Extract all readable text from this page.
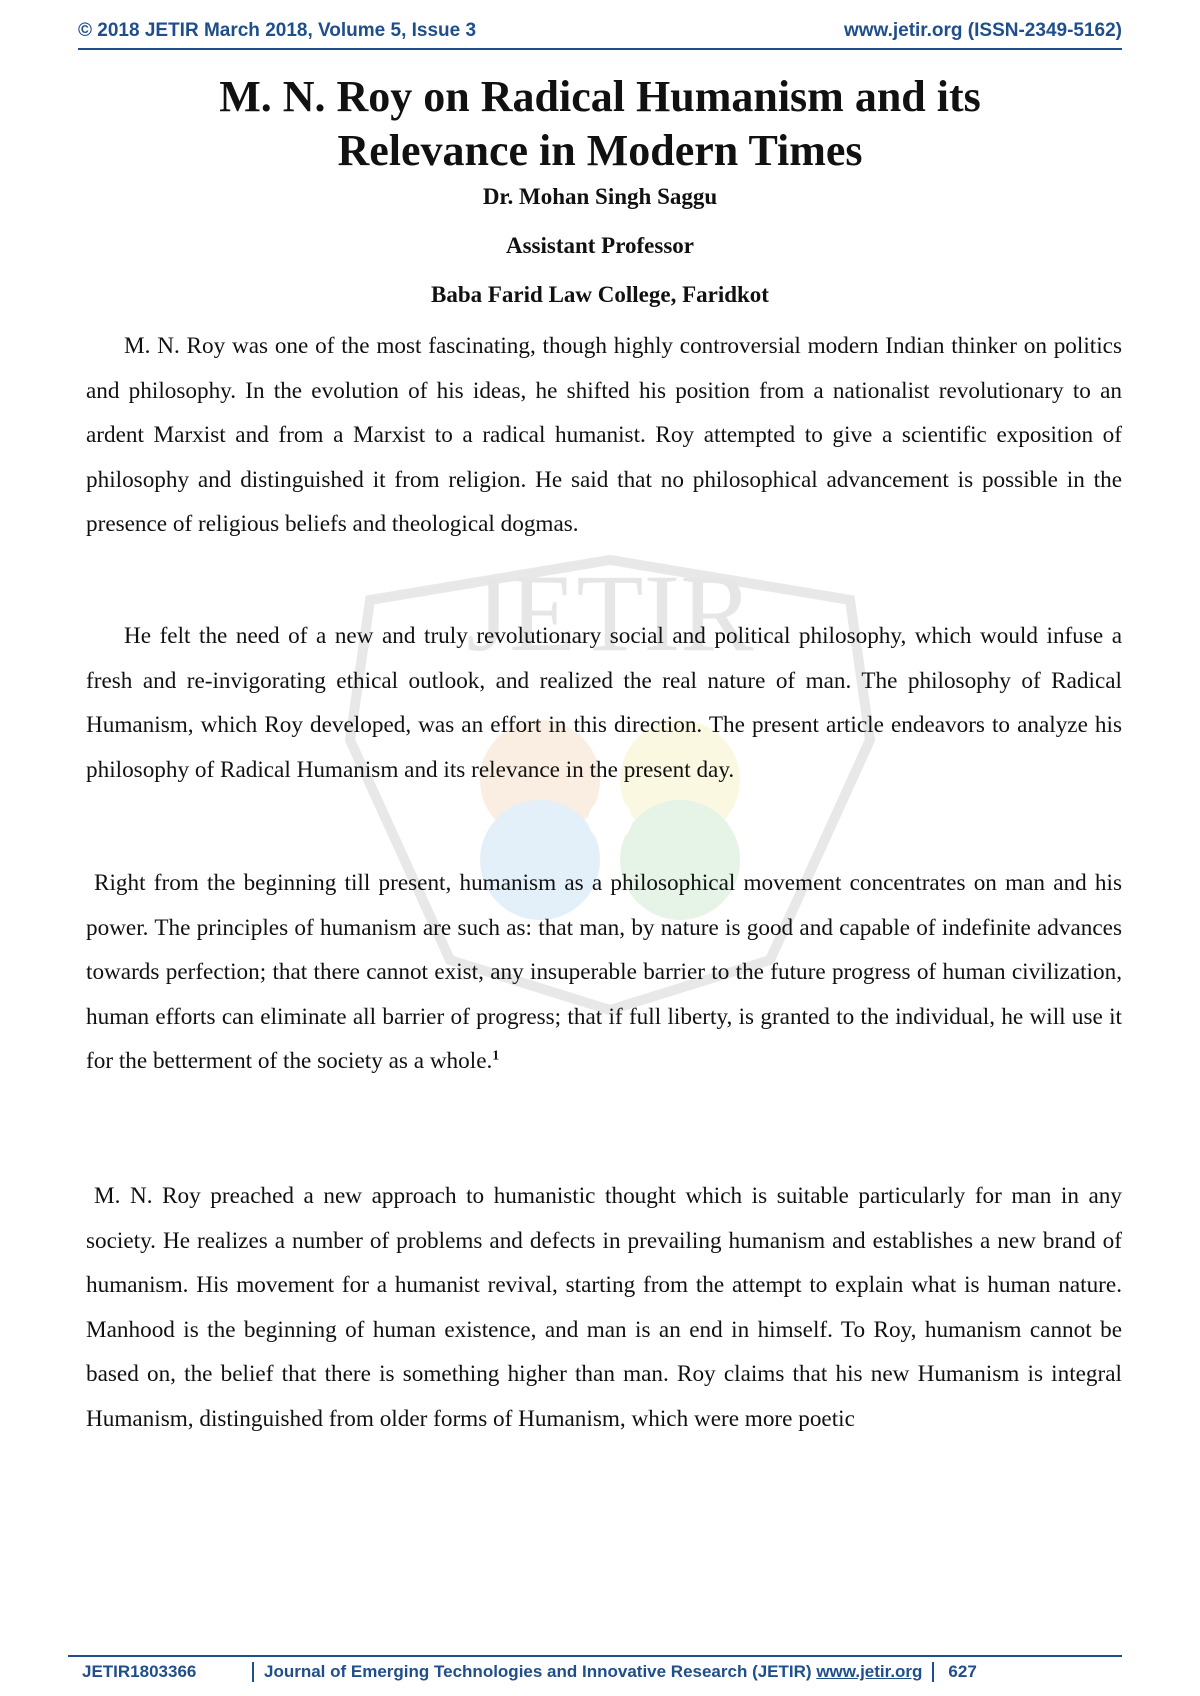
© 2018 JETIR March 2018, Volume 5, Issue 3	www.jetir.org (ISSN-2349-5162)
JETIR
M. N. Roy on Radical Humanism and its
Relevance in Modern Times
Dr. Mohan Singh Saggu
Assistant Professor
Baba Farid Law College, Faridkot

M. N. Roy was one of the most fascinating, though highly controversial modern Indian thinker on politics and philosophy. In the evolution of his ideas, he shifted his position from a nationalist revolutionary to an ardent Marxist and from a Marxist to a radical humanist. Roy attempted to give a scientific exposition of philosophy and distinguished it from religion. He said that no philosophical advancement is possible in the presence of religious beliefs and theological dogmas.

He felt the need of a new and truly revolutionary social and political philosophy, which would infuse a fresh and re-invigorating ethical outlook, and realized the real nature of man. The philosophy of Radical Humanism, which Roy developed, was an effort in this direction. The present article endeavors to analyze his philosophy of Radical Humanism and its relevance in the present day.

Right from the beginning till present, humanism as a philosophical movement concentrates on man and his power. The principles of humanism are such as: that man, by nature is good and capable of indefinite advances towards perfection; that there cannot exist, any insuperable barrier to the future progress of human civilization, human efforts can eliminate all barrier of progress; that if full liberty, is granted to the individual, he will use it for the betterment of the society as a whole.$^1$

M. N. Roy preached a new approach to humanistic thought which is suitable particularly for man in any society. He realizes a number of problems and defects in prevailing humanism and establishes a new brand of humanism. His movement for a humanist revival, starting from the attempt to explain what is human nature. Manhood is the beginning of human existence, and man is an end in himself. To Roy, humanism cannot be based on, the belief that there is something higher than man. Roy claims that his new Humanism is integral Humanism, distinguished from older forms of Humanism, which were more poetic

JETIR1803366	Journal of Emerging Technologies and Innovative Research (JETIR) www.jetir.org	627
